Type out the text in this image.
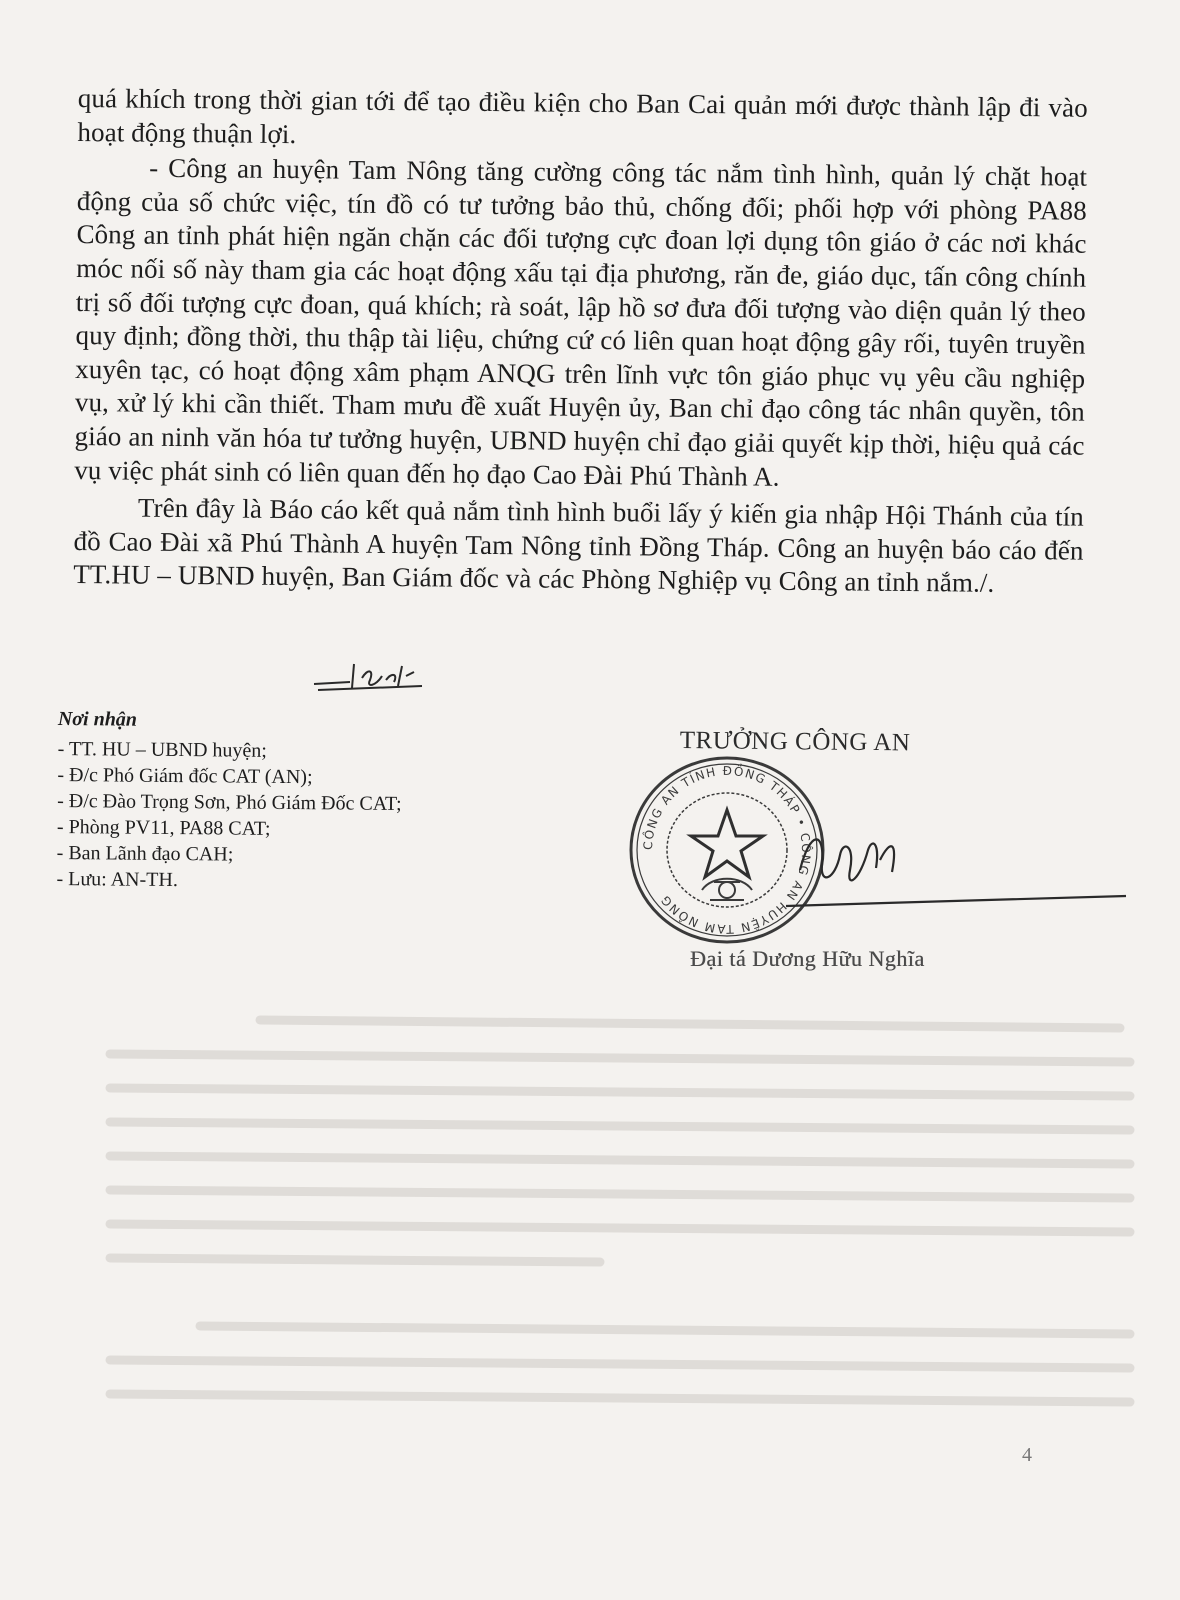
quá khích trong thời gian tới để tạo điều kiện cho Ban Cai quản mới được thành lập đi vào hoạt động thuận lợi.

- Công an huyện Tam Nông tăng cường công tác nắm tình hình, quản lý chặt hoạt động của số chức việc, tín đồ có tư tưởng bảo thủ, chống đối; phối hợp với phòng PA88 Công an tỉnh phát hiện ngăn chặn các đối tượng cực đoan lợi dụng tôn giáo ở các nơi khác móc nối số này tham gia các hoạt động xấu tại địa phương, răn đe, giáo dục, tấn công chính trị số đối tượng cực đoan, quá khích; rà soát, lập hồ sơ đưa đối tượng vào diện quản lý theo quy định; đồng thời, thu thập tài liệu, chứng cứ có liên quan hoạt động gây rối, tuyên truyền xuyên tạc, có hoạt động xâm phạm ANQG trên lĩnh vực tôn giáo phục vụ yêu cầu nghiệp vụ, xử lý khi cần thiết. Tham mưu đề xuất Huyện ủy, Ban chỉ đạo công tác nhân quyền, tôn giáo an ninh văn hóa tư tưởng huyện, UBND huyện chỉ đạo giải quyết kịp thời, hiệu quả các vụ việc phát sinh có liên quan đến họ đạo Cao Đài Phú Thành A.

Trên đây là Báo cáo kết quả nắm tình hình buổi lấy ý kiến gia nhập Hội Thánh của tín đồ Cao Đài xã Phú Thành A huyện Tam Nông tỉnh Đồng Tháp. Công an huyện báo cáo đến TT.HU – UBND huyện, Ban Giám đốc và các Phòng Nghiệp vụ Công an tỉnh nắm./.

Nơi nhận
- TT. HU – UBND huyện;
- Đ/c Phó Giám đốc CAT (AN);
- Đ/c Đào Trọng Sơn, Phó Giám Đốc CAT;
- Phòng PV11, PA88 CAT;
- Ban Lãnh đạo CAH;
- Lưu: AN-TH.
TRƯỞNG CÔNG AN
CÔNG AN TỈNH ĐỒNG THÁP • CÔNG AN HUYỆN TAM NÔNG
Đại tá Dương Hữu Nghĩa
4
